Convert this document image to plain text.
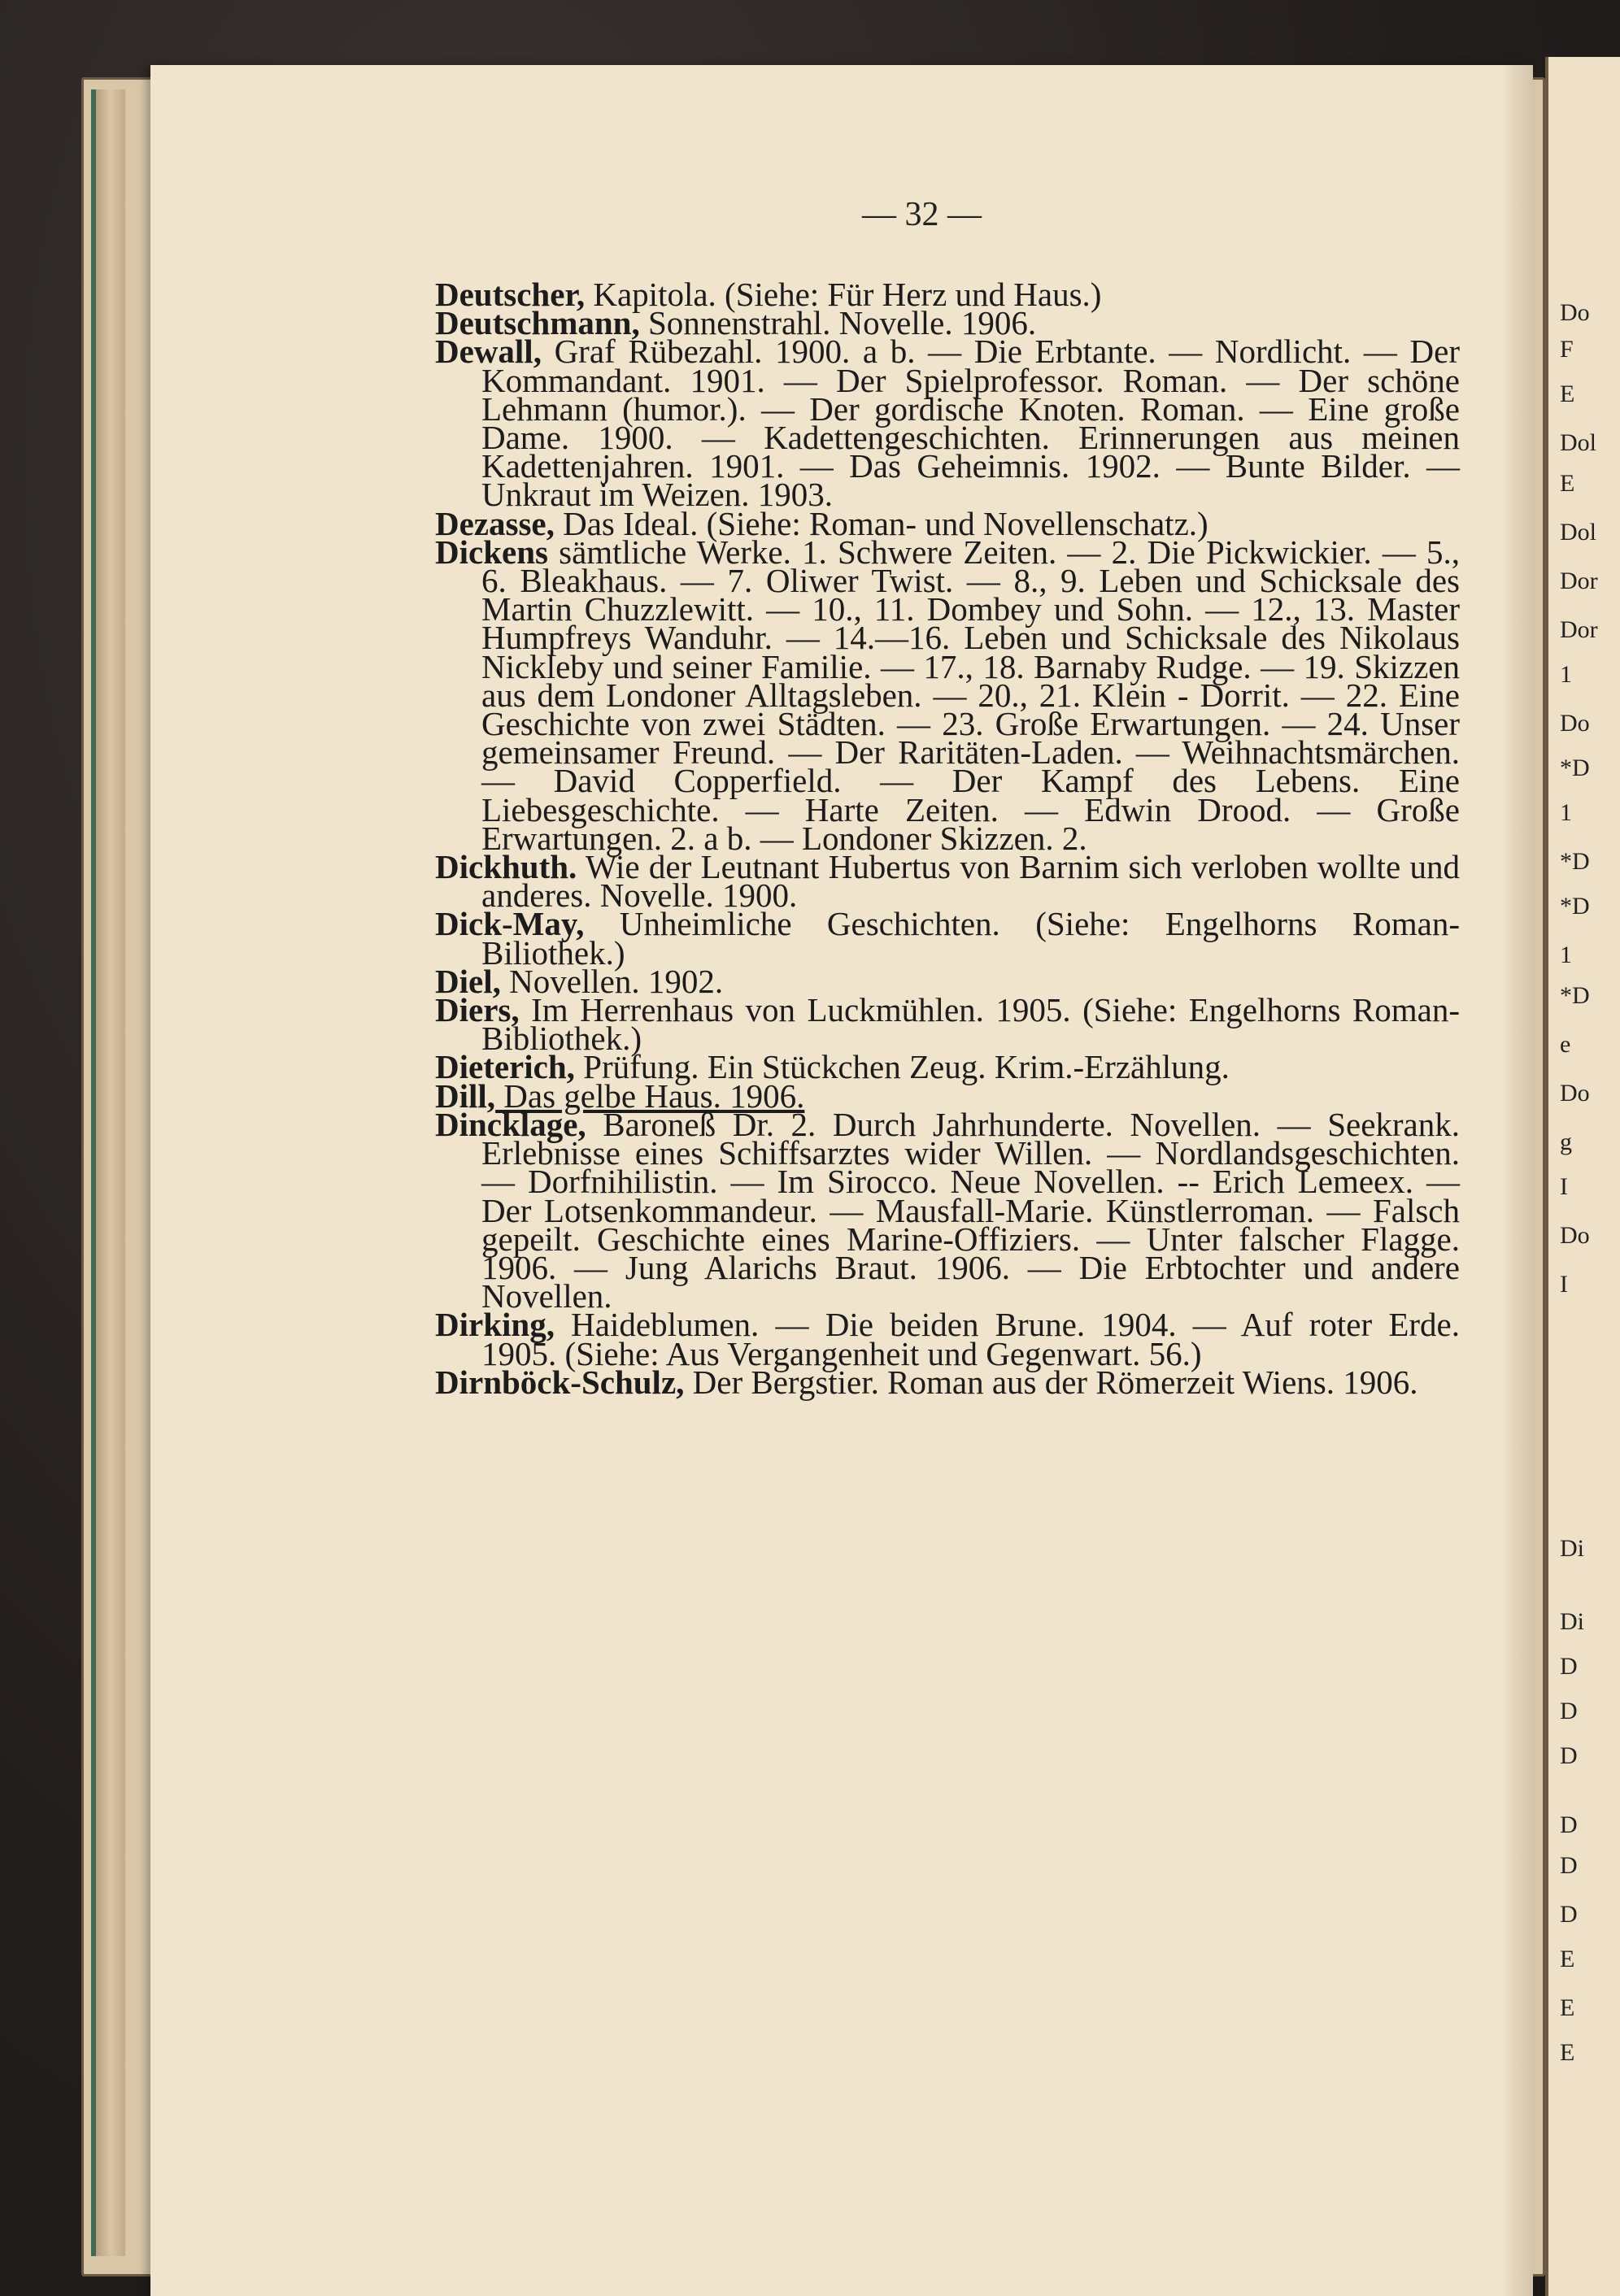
— 32 —

Deutscher, Kapitola. (Siehe: Für Herz und Haus.)

Deutschmann, Sonnenstrahl. Novelle. 1906.

Dewall, Graf Rübezahl. 1900. a b. — Die Erbtante. — Nordlicht. — Der Kommandant. 1901. — Der Spielprofessor. Roman. — Der schöne Lehmann (humor.). — Der gordische Knoten. Roman. — Eine große Dame. 1900. — Kadettengeschichten. Erinnerungen aus meinen Kadettenjahren. 1901. — Das Geheimnis. 1902. — Bunte Bilder. — Unkraut im Weizen. 1903.

Dezasse, Das Ideal. (Siehe: Roman- und Novellenschatz.)

Dickens sämtliche Werke. 1. Schwere Zeiten. — 2. Die Pickwickier. — 5., 6. Bleakhaus. — 7. Oliwer Twist. — 8., 9. Leben und Schicksale des Martin Chuzzlewitt. — 10., 11. Dombey und Sohn. — 12., 13. Master Humpfreys Wanduhr. — 14.—16. Leben und Schicksale des Nikolaus Nickleby und seiner Familie. — 17., 18. Barnaby Rudge. — 19. Skizzen aus dem Londoner Alltagsleben. — 20., 21. Klein - Dorrit. — 22. Eine Geschichte von zwei Städten. — 23. Große Erwartungen. — 24. Unser gemeinsamer Freund. — Der Raritäten-Laden. — Weihnachtsmärchen. — David Copperfield. — Der Kampf des Lebens. Eine Liebesgeschichte. — Harte Zeiten. — Edwin Drood. — Große Erwartungen. 2. a b. — Londoner Skizzen. 2.

Dickhuth. Wie der Leutnant Hubertus von Barnim sich verloben wollte und anderes. Novelle. 1900.

Dick-May, Unheimliche Geschichten. (Siehe: Engelhorns Roman-Biliothek.)

Diel, Novellen. 1902.

Diers, Im Herrenhaus von Luckmühlen. 1905. (Siehe: Engelhorns Roman-Bibliothek.)

Dieterich, Prüfung. Ein Stückchen Zeug. Krim.-Erzählung.

Dill, Das gelbe Haus. 1906.

Dincklage, Baroneß Dr. 2. Durch Jahrhunderte. Novellen. — Seekrank. Erlebnisse eines Schiffsarztes wider Willen. — Nordlandsgeschichten. — Dorfnihilistin. — Im Sirocco. Neue Novellen. -- Erich Lemeex. — Der Lotsenkommandeur. — Mausfall-Marie. Künstlerroman. — Falsch gepeilt. Geschichte eines Marine-Offiziers. — Unter falscher Flagge. 1906. — Jung Alarichs Braut. 1906. — Die Erbtochter und andere Novellen.

Dirking, Haideblumen. — Die beiden Brune. 1904. — Auf roter Erde. 1905. (Siehe: Aus Vergangenheit und Gegenwart. 56.)

Dirnböck-Schulz, Der Bergstier. Roman aus der Römerzeit Wiens. 1906.

Do
F
E
Dol
E
Dol
Dor
Dor
1
Do
*D
1
*D
*D
1
*D
e
Do
g
I
Do
I
Di
Di
D
D
D
D
D
D
E
E
E
